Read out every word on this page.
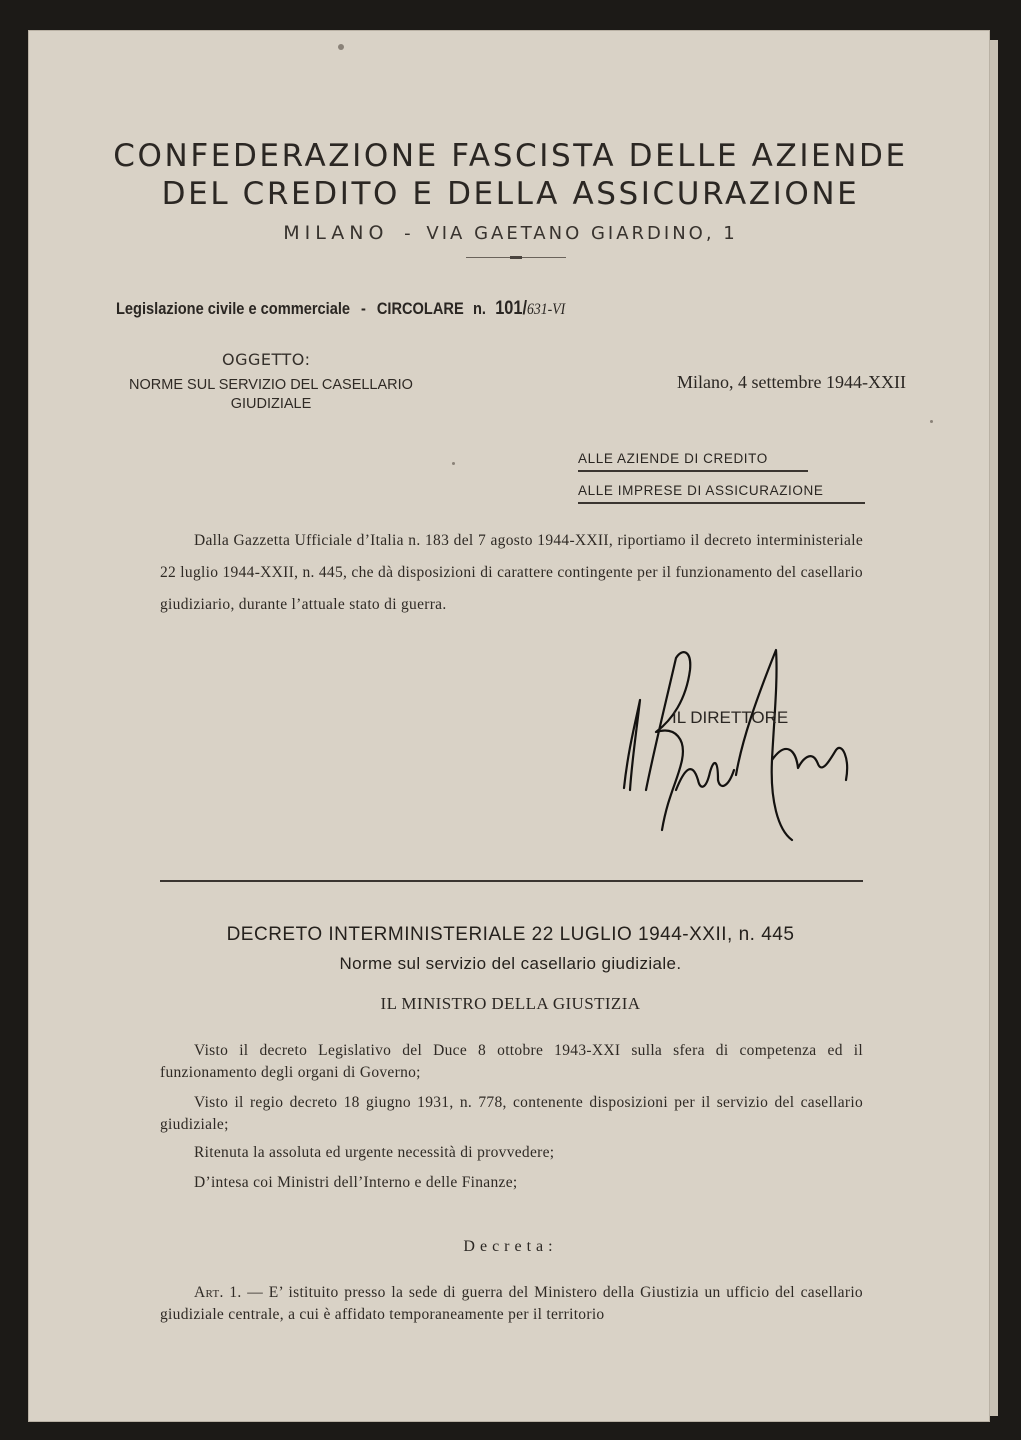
CONFEDERAZIONE FASCISTA DELLE AZIENDE
DEL CREDITO E DELLA ASSICURAZIONE
MILANO - VIA GAETANO GIARDINO, 1
Legislazione civile e commerciale - CIRCOLARE n. 101/631-VI
OGGETTO:
NORME SUL SERVIZIO DEL CASELLARIO GIUDIZIALE
Milano, 4 settembre 1944-XXII
ALLE AZIENDE DI CREDITO
ALLE IMPRESE DI ASSICURAZIONE
Dalla Gazzetta Ufficiale d’Italia n. 183 del 7 agosto 1944-XXII, riportiamo il decreto interministeriale 22 luglio 1944-XXII, n. 445, che dà disposizioni di carattere contingente per il funzionamento del casellario giudiziario, durante l’attuale stato di guerra.
IL DIRETTORE
DECRETO INTERMINISTERIALE 22 LUGLIO 1944-XXII, n. 445
Norme sul servizio del casellario giudiziale.
IL MINISTRO DELLA GIUSTIZIA
Visto il decreto Legislativo del Duce 8 ottobre 1943-XXI sulla sfera di competenza ed il funzionamento degli organi di Governo;
Visto il regio decreto 18 giugno 1931, n. 778, contenente disposizioni per il servizio del casellario giudiziale;
Ritenuta la assoluta ed urgente necessità di provvedere;
D’intesa coi Ministri dell’Interno e delle Finanze;
Decreta:
Art. 1. — E’ istituito presso la sede di guerra del Ministero della Giustizia un ufficio del casellario giudiziale centrale, a cui è affidato temporaneamente per il territorio
